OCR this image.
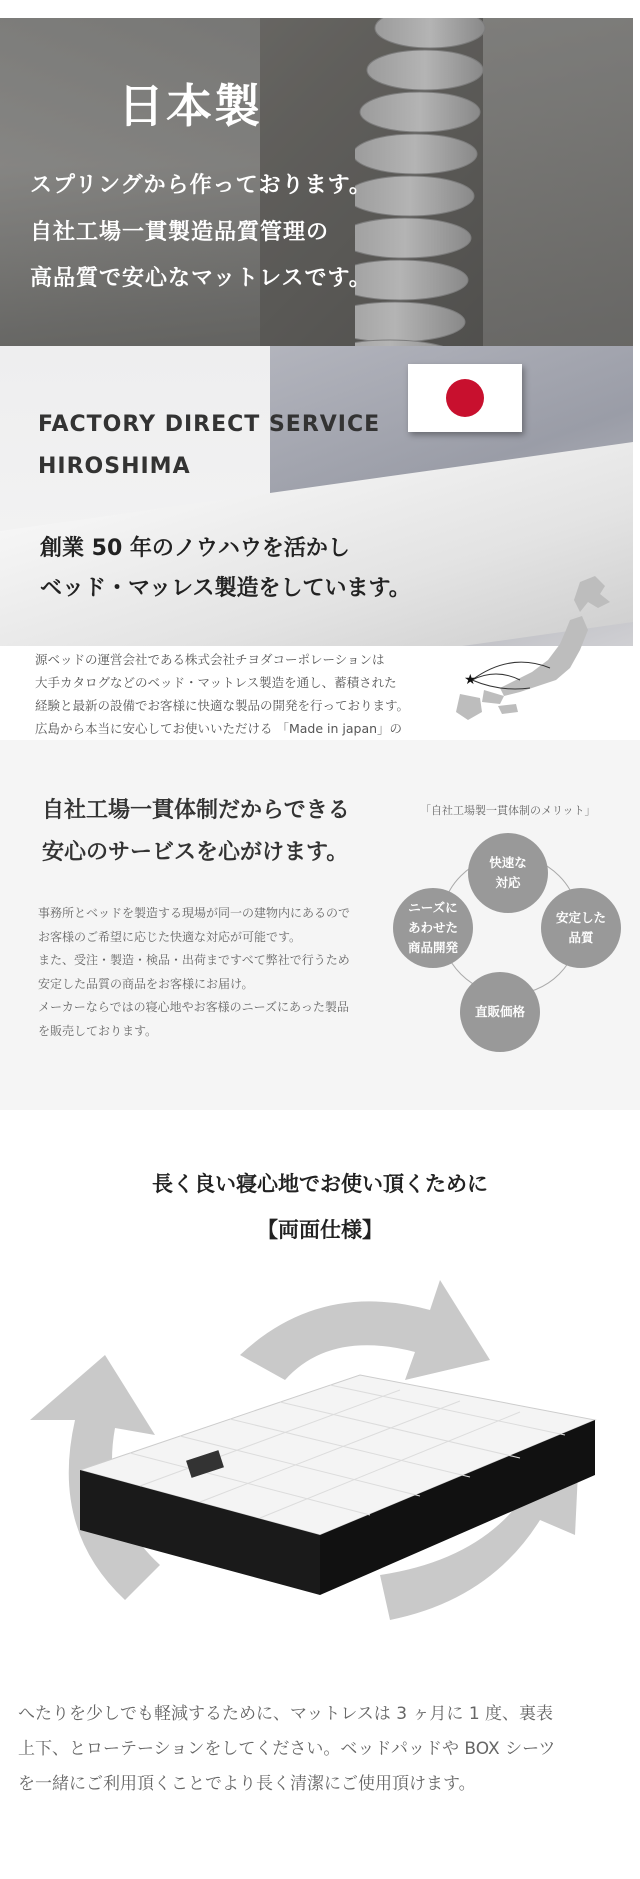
日本製
スプリングから作っております。
自社工場一貫製造品質管理の
高品質で安心なマットレスです。
FACTORY DIRECT SERVICE
HIROSHIMA
創業 50 年のノウハウを活かし
ベッド・マッレス製造をしています。
★

源ベッドの運営会社である株式会社チヨダコーポレーションは

大手カタログなどのベッド・マットレス製造を通し、蓄積された

経験と最新の設備でお客様に快適な製品の開発を行っております。

広島から本当に安心してお使いいただける 「Made in japan」の

自社工場一貫体制だからできる
安心のサービスを心がけます。

事務所とベッドを製造する現場が同一の建物内にあるので

お客様のご希望に応じた快適な対応が可能です。

また、受注・製造・検品・出荷まですべて弊社で行うため

安定した品質の商品をお客様にお届け。

メーカーならではの寝心地やお客様のニーズにあった製品

を販売しております。

「自社工場製一貫体制のメリット」
快速な
対応
ニーズに
あわせた
商品開発
安定した
品質
直販価格
長く良い寝心地でお使い頂くために
【両面仕様】

へたりを少しでも軽減するために、マットレスは 3 ヶ月に 1 度、裏表

上下、とローテーションをしてください。ベッドパッドや BOX シーツ

を一緒にご利用頂くことでより長く清潔にご使用頂けます。
